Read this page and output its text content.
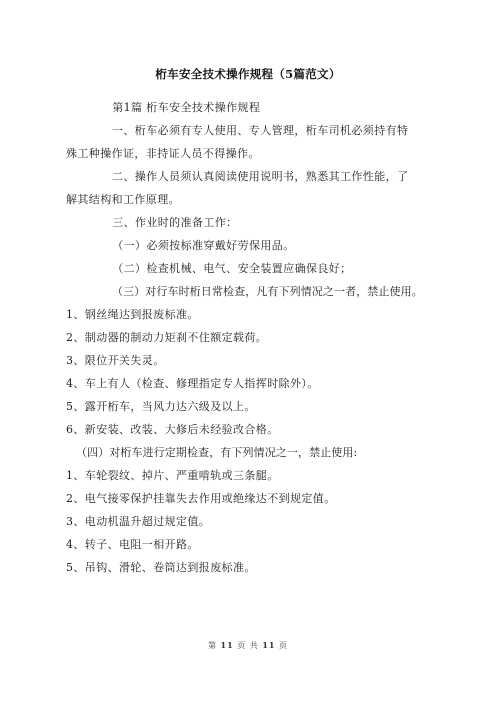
桁车安全技术操作规程（5篇范文）

第1篇 桁车安全技术操作规程

一、桁车必须有专人使用、专人管理，桁车司机必须持有特殊工种操作证，非持证人员不得操作。

二、操作人员须认真阅读使用说明书，熟悉其工作性能，了解其结构和工作原理。

三、作业时的准备工作：

（一）必须按标准穿戴好劳保用品。

（二）检查机械、电气、安全装置应确保良好；

（三）对行车时桁日常检查，凡有下列情况之一者，禁止使用。

1、钢丝绳达到报废标准。

2、制动器的制动力矩刹不住额定载荷。

3、限位开关失灵。

4、车上有人（检查、修理指定专人指挥时除外）。

5、露开桁车，当风力达六级及以上。

6、新安装、改装、大修后未经验改合格。

（四）对桁车进行定期检查，有下列情况之一，禁止使用:

1、车轮裂纹、掉片、严重啃轨或三条腿。

2、电气接零保护挂靠失去作用或绝缘达不到规定值。

3、电动机温升超过规定值。

4、转子、电阻一相开路。

5、吊钩、滑轮、卷筒达到报废标准。

第 11 页 共 11 页
